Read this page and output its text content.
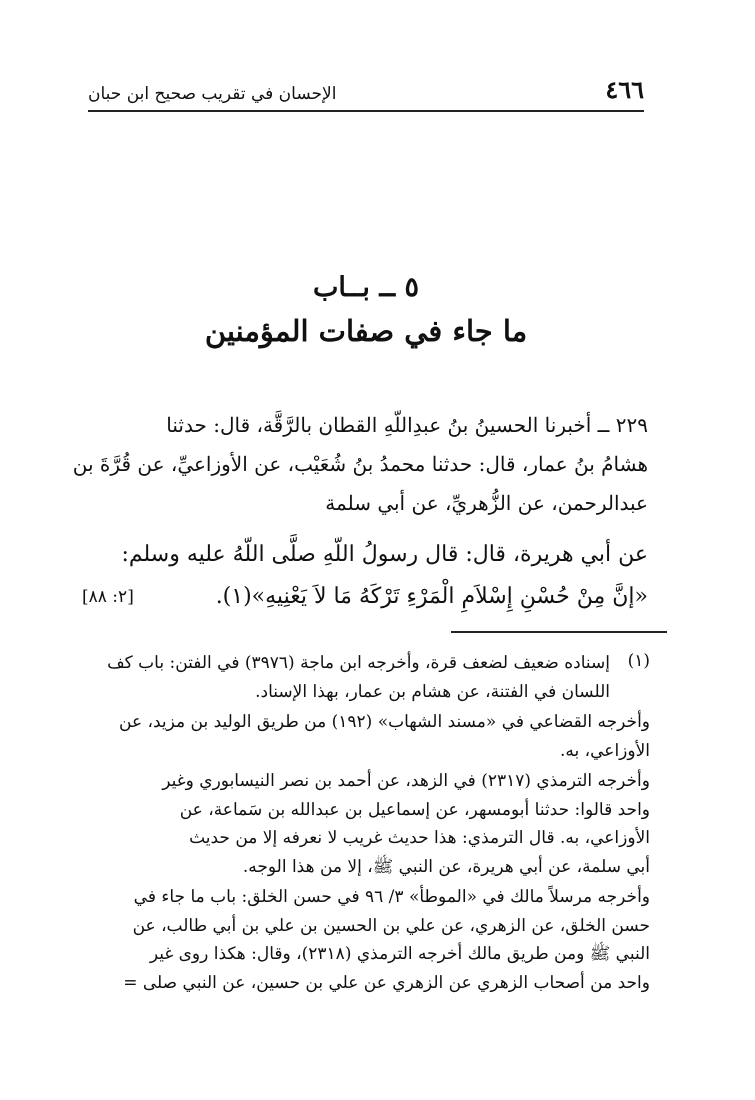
٤٦٦
الإحسان في تقريب صحيح ابن حبان
٥ ــ بــاب
ما جاء في صفات المؤمنين
٢٢٩ ــ أخبرنا الحسينُ بنُ عبدِاللّهِ القطان بالرَّقَّة، قال: حدثنا
هشامُ بنُ عمار، قال: حدثنا محمدُ بنُ شُعَيْب، عن الأوزاعيِّ، عن قُرَّةَ بن
عبدالرحمن، عن الزُّهريِّ، عن أبي سلمة
عن أبي هريرة، قال: قال رسولُ اللّهِ صلَّى اللّهُ عليه وسلم:
«إنَّ مِنْ حُسْنِ إِسْلاَمِ الْمَرْءِ تَرْكَهُ مَا لاَ يَعْنِيهِ»(١).
[٢: ٨٨]
(١)
إسناده ضعيف لضعف قرة، وأخرجه ابن ماجة (٣٩٧٦) في الفتن: باب كف
اللسان في الفتنة، عن هشام بن عمار، بهذا الإسناد.
وأخرجه القضاعي في «مسند الشهاب» (١٩٢) من طريق الوليد بن مزيد، عن
الأوزاعي، به.
وأخرجه الترمذي (٢٣١٧) في الزهد، عن أحمد بن نصر النيسابوري وغير
واحد قالوا: حدثنا أبومسهر، عن إسماعيل بن عبدالله بن سَماعة، عن
الأوزاعي، به. قال الترمذي: هذا حديث غريب لا نعرفه إلا من حديث
أبي سلمة، عن أبي هريرة، عن النبي ﷺ، إلا من هذا الوجه.
وأخرجه مرسلاً مالك في «الموطأ» ٣/ ٩٦ في حسن الخلق: باب ما جاء في
حسن الخلق، عن الزهري، عن علي بن الحسين بن علي بن أبي طالب، عن
النبي ﷺ ومن طريق مالك أخرجه الترمذي (٢٣١٨)، وقال: هكذا روى غير
واحد من أصحاب الزهري عن الزهري عن علي بن حسين، عن النبي صلى =
